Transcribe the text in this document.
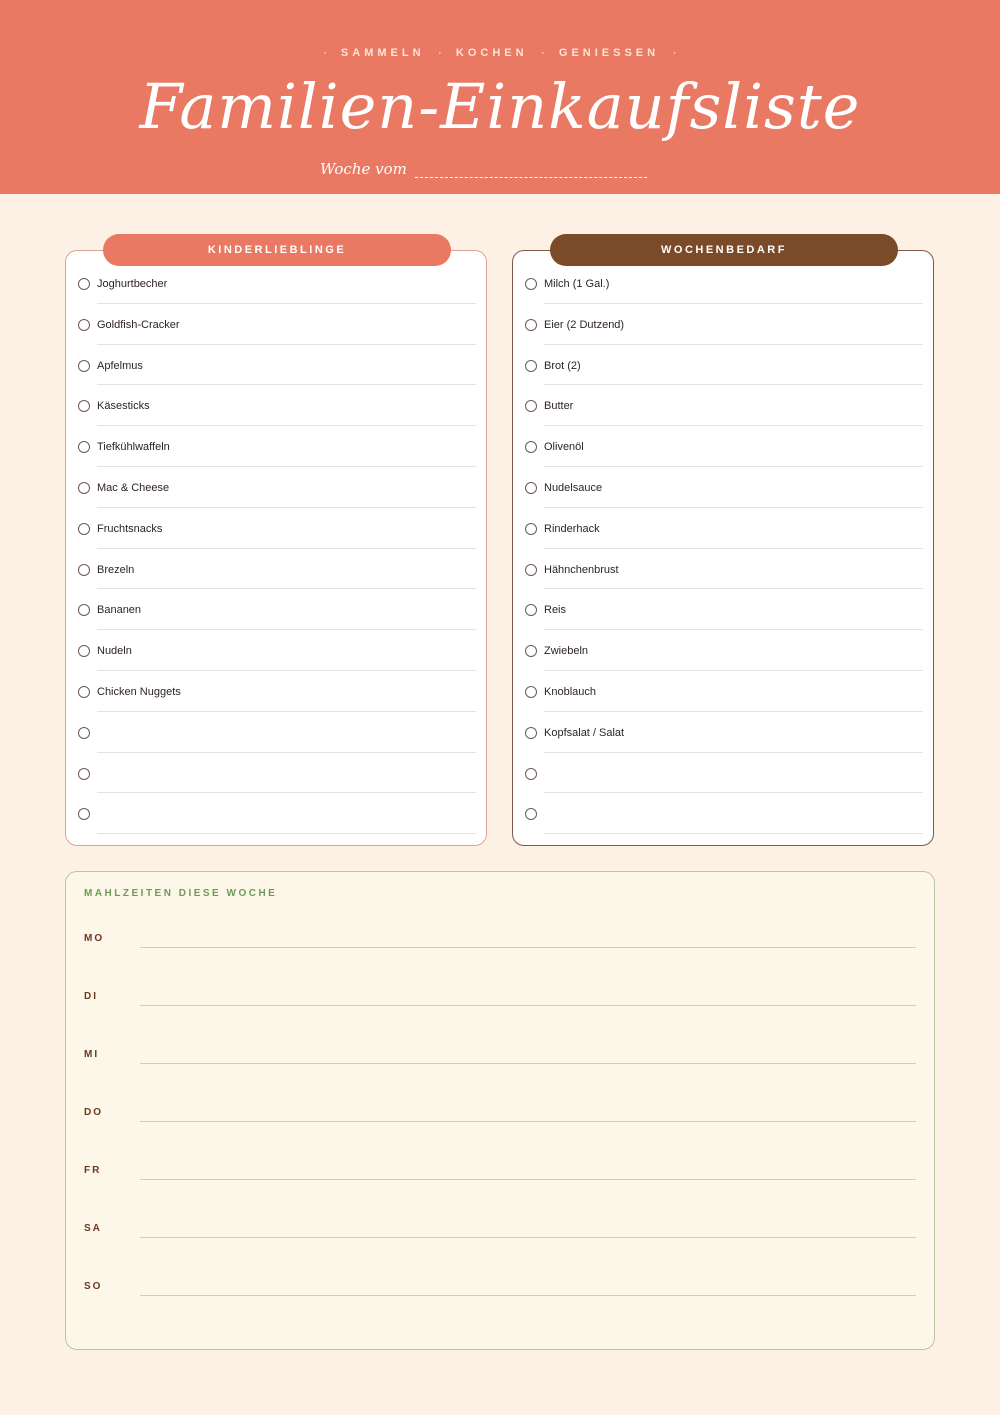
· SAMMELN · KOCHEN · GENIESSEN ·
Familien-Einkaufsliste
Woche vom
KINDERLIEBLINGE
Joghurtbecher
Goldfish-Cracker
Apfelmus
Käsesticks
Tiefkühlwaffeln
Mac & Cheese
Fruchtsnacks
Brezeln
Bananen
Nudeln
Chicken Nuggets
WOCHENBEDARF
Milch (1 Gal.)
Eier (2 Dutzend)
Brot (2)
Butter
Olivenöl
Nudelsauce
Rinderhack
Hähnchenbrust
Reis
Zwiebeln
Knoblauch
Kopfsalat / Salat
MAHLZEITEN DIESE WOCHE
MO
DI
MI
DO
FR
SA
SO
